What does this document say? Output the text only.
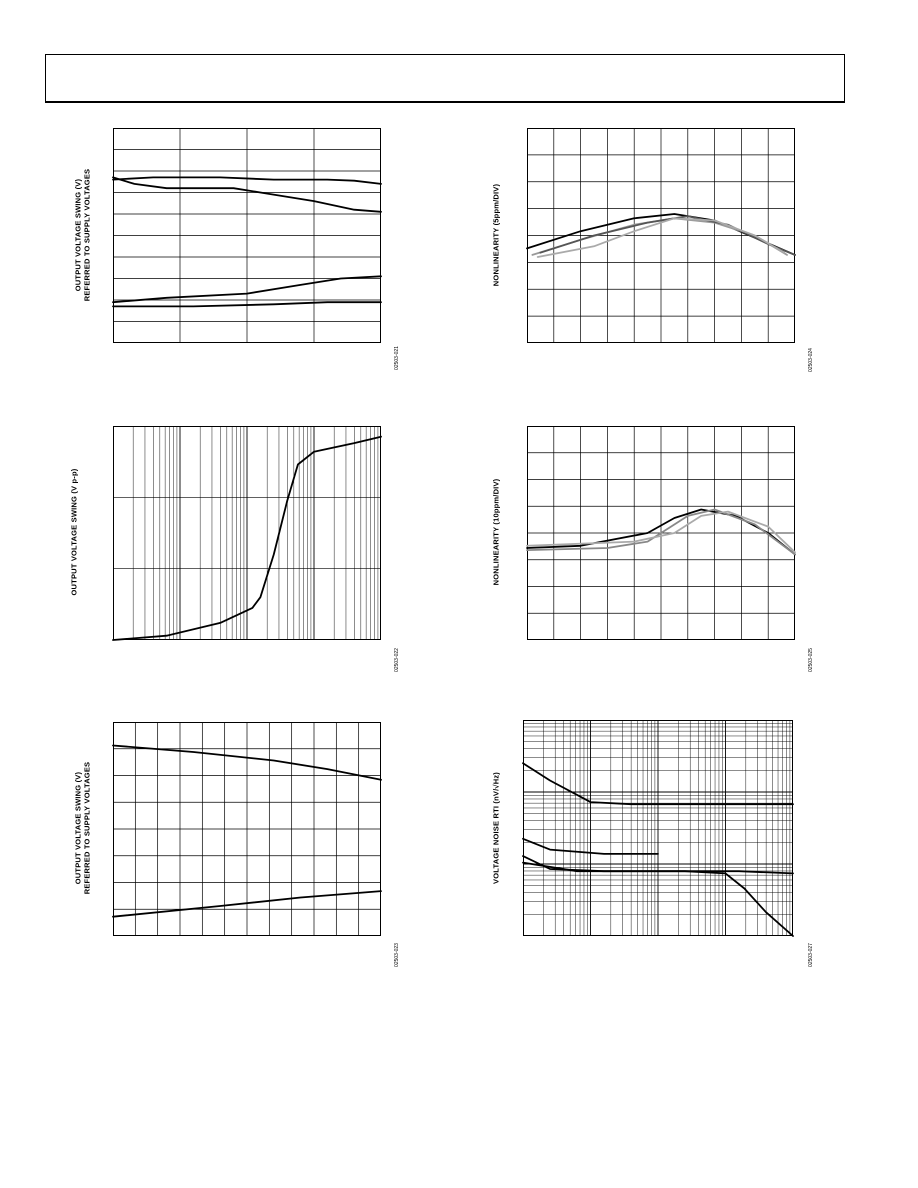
OUTPUT VOLTAGE SWING (V)
REFERRED TO SUPPLY VOLTAGES
02503-021
NONLINEARITY (5ppm/DIV)
02503-024
OUTPUT VOLTAGE SWING (V p-p)
02503-022
NONLINEARITY (10ppm/DIV)
02503-025
OUTPUT VOLTAGE SWING (V)
REFERRED TO SUPPLY VOLTAGES
02503-023
VOLTAGE NOISE RTI (nV/√Hz)
02503-027
